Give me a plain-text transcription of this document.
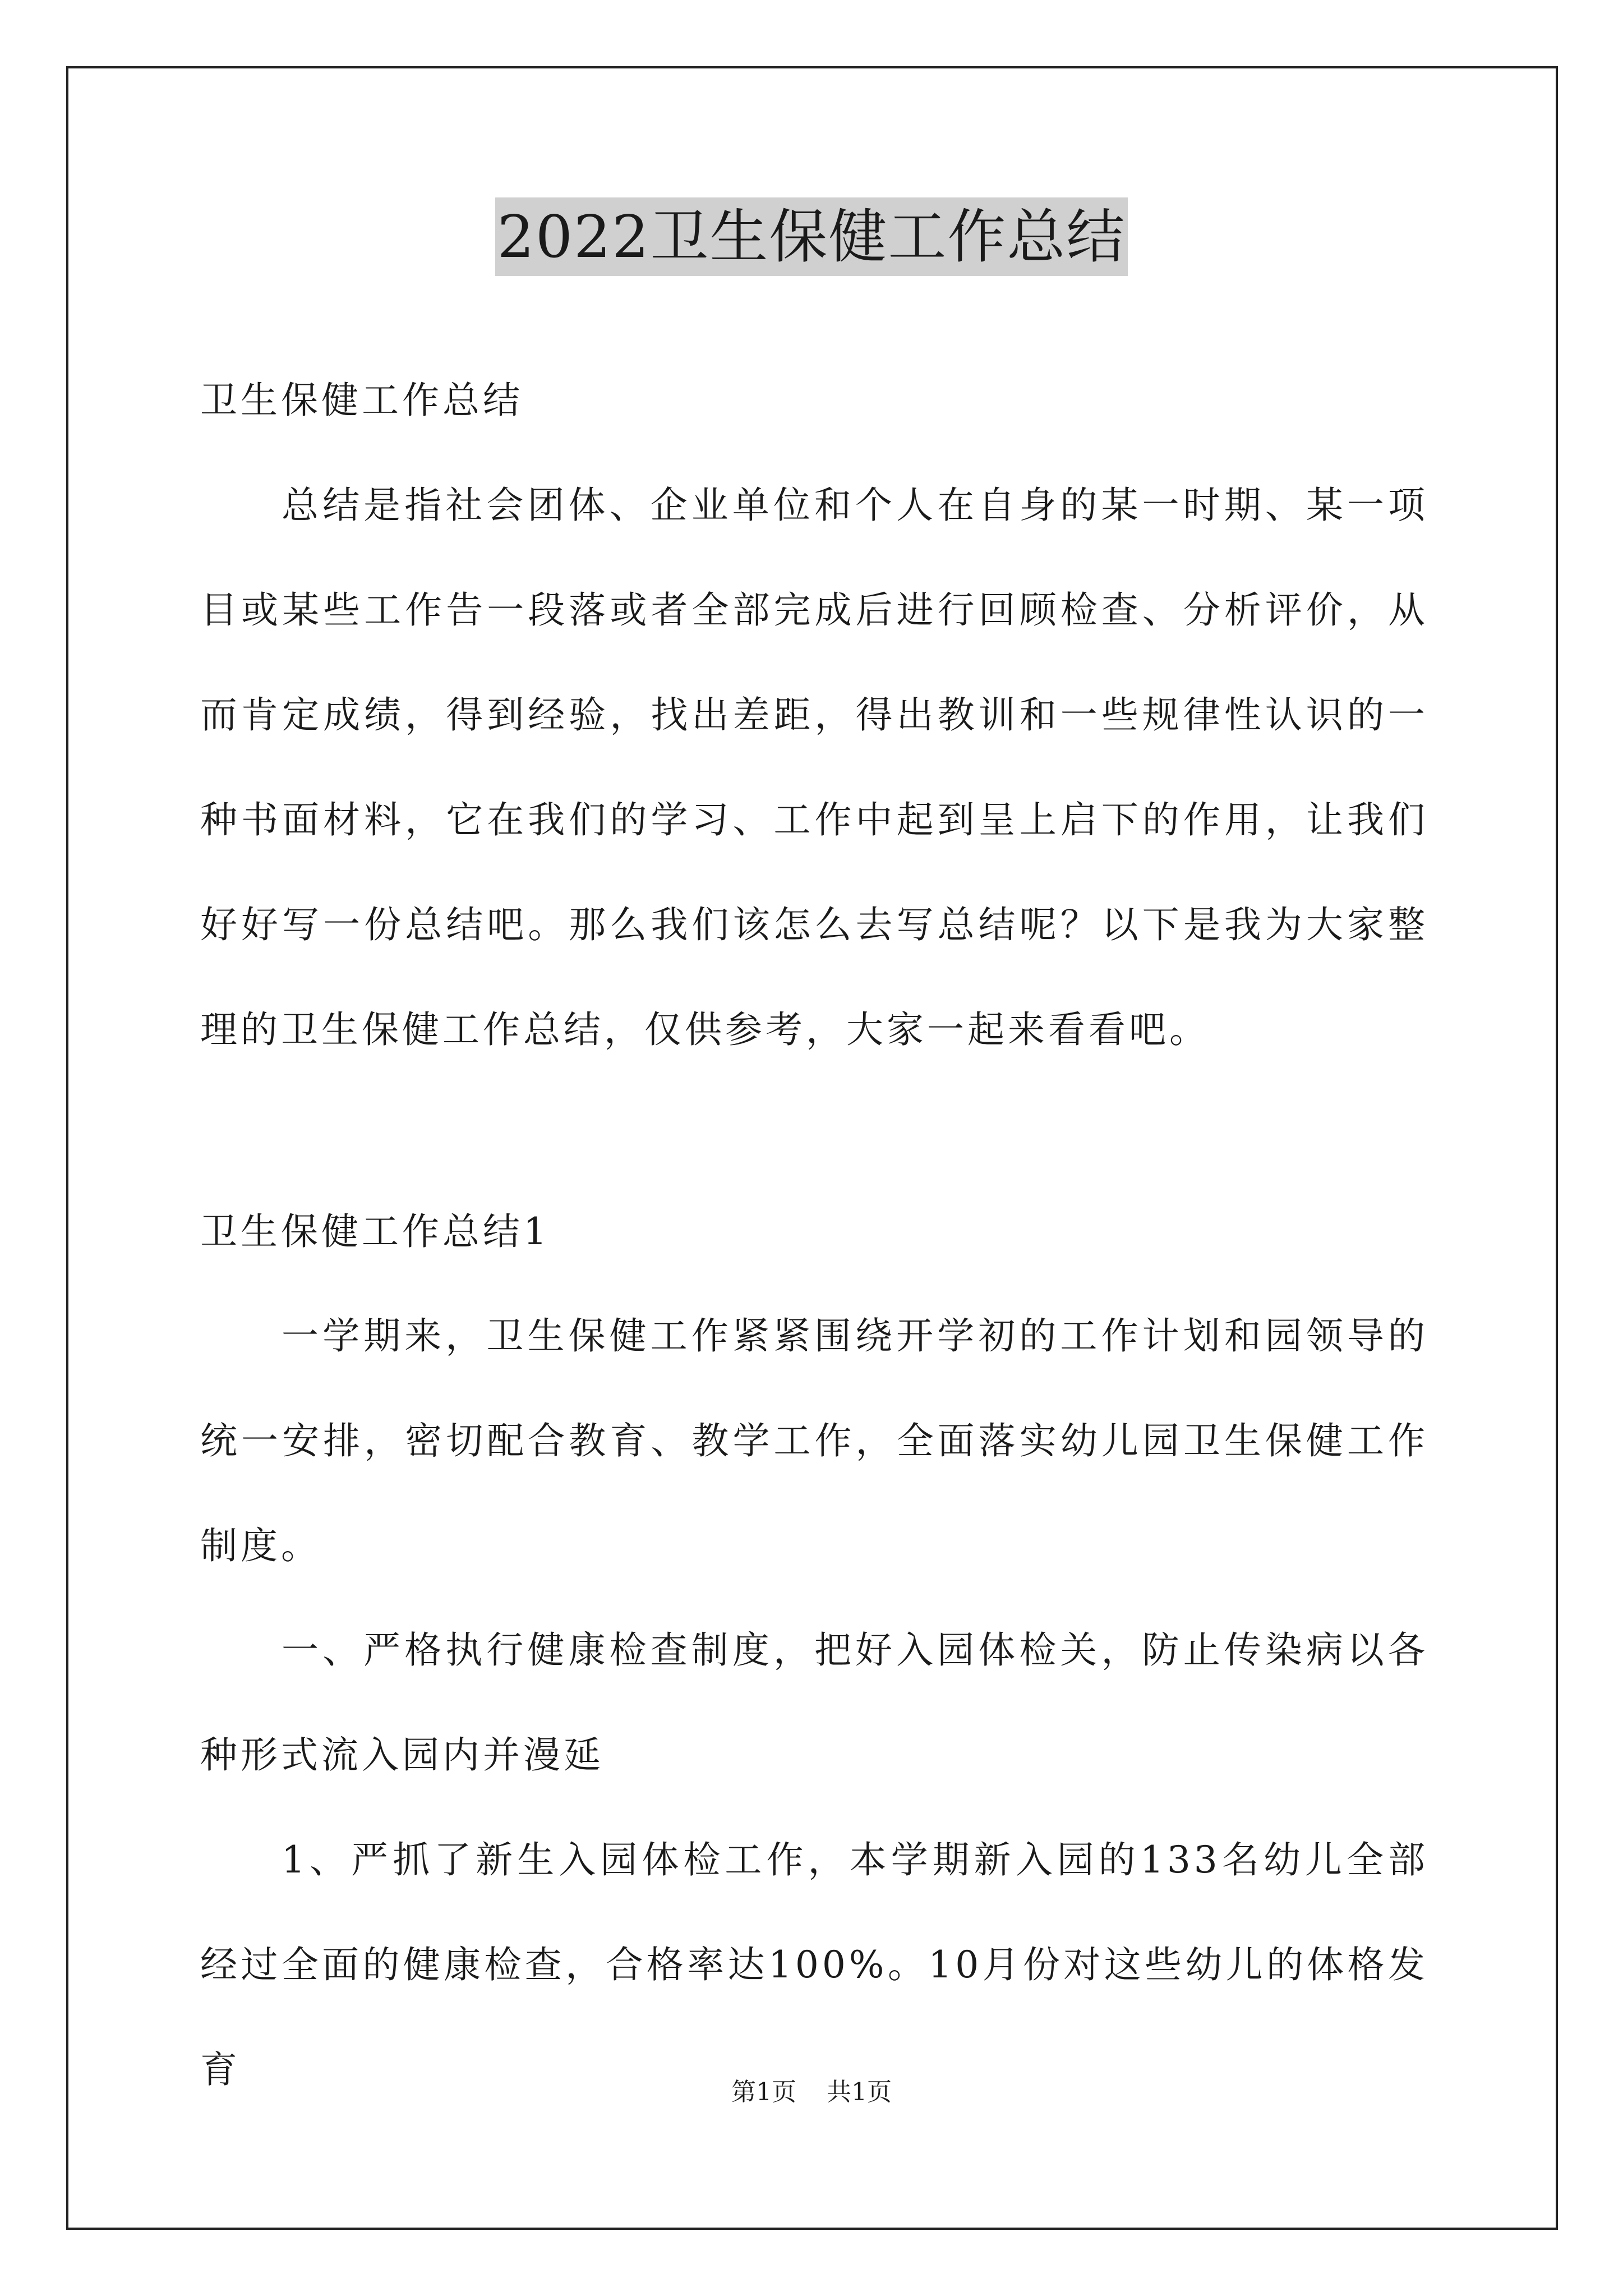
2022卫生保健工作总结

卫生保健工作总结

总结是指社会团体、企业单位和个人在自身的某一时期、某一项目或某些工作告一段落或者全部完成后进行回顾检查、分析评价，从而肯定成绩，得到经验，找出差距，得出教训和一些规律性认识的一种书面材料，它在我们的学习、工作中起到呈上启下的作用，让我们好好写一份总结吧。那么我们该怎么去写总结呢？以下是我为大家整理的卫生保健工作总结，仅供参考，大家一起来看看吧。

卫生保健工作总结1

一学期来，卫生保健工作紧紧围绕开学初的工作计划和园领导的统一安排，密切配合教育、教学工作，全面落实幼儿园卫生保健工作制度。

一、严格执行健康检查制度，把好入园体检关，防止传染病以各种形式流入园内并漫延

1、严抓了新生入园体检工作，本学期新入园的133名幼儿全部经过全面的健康检查，合格率达100%。10月份对这些幼儿的体格发育

第1页 共1页
